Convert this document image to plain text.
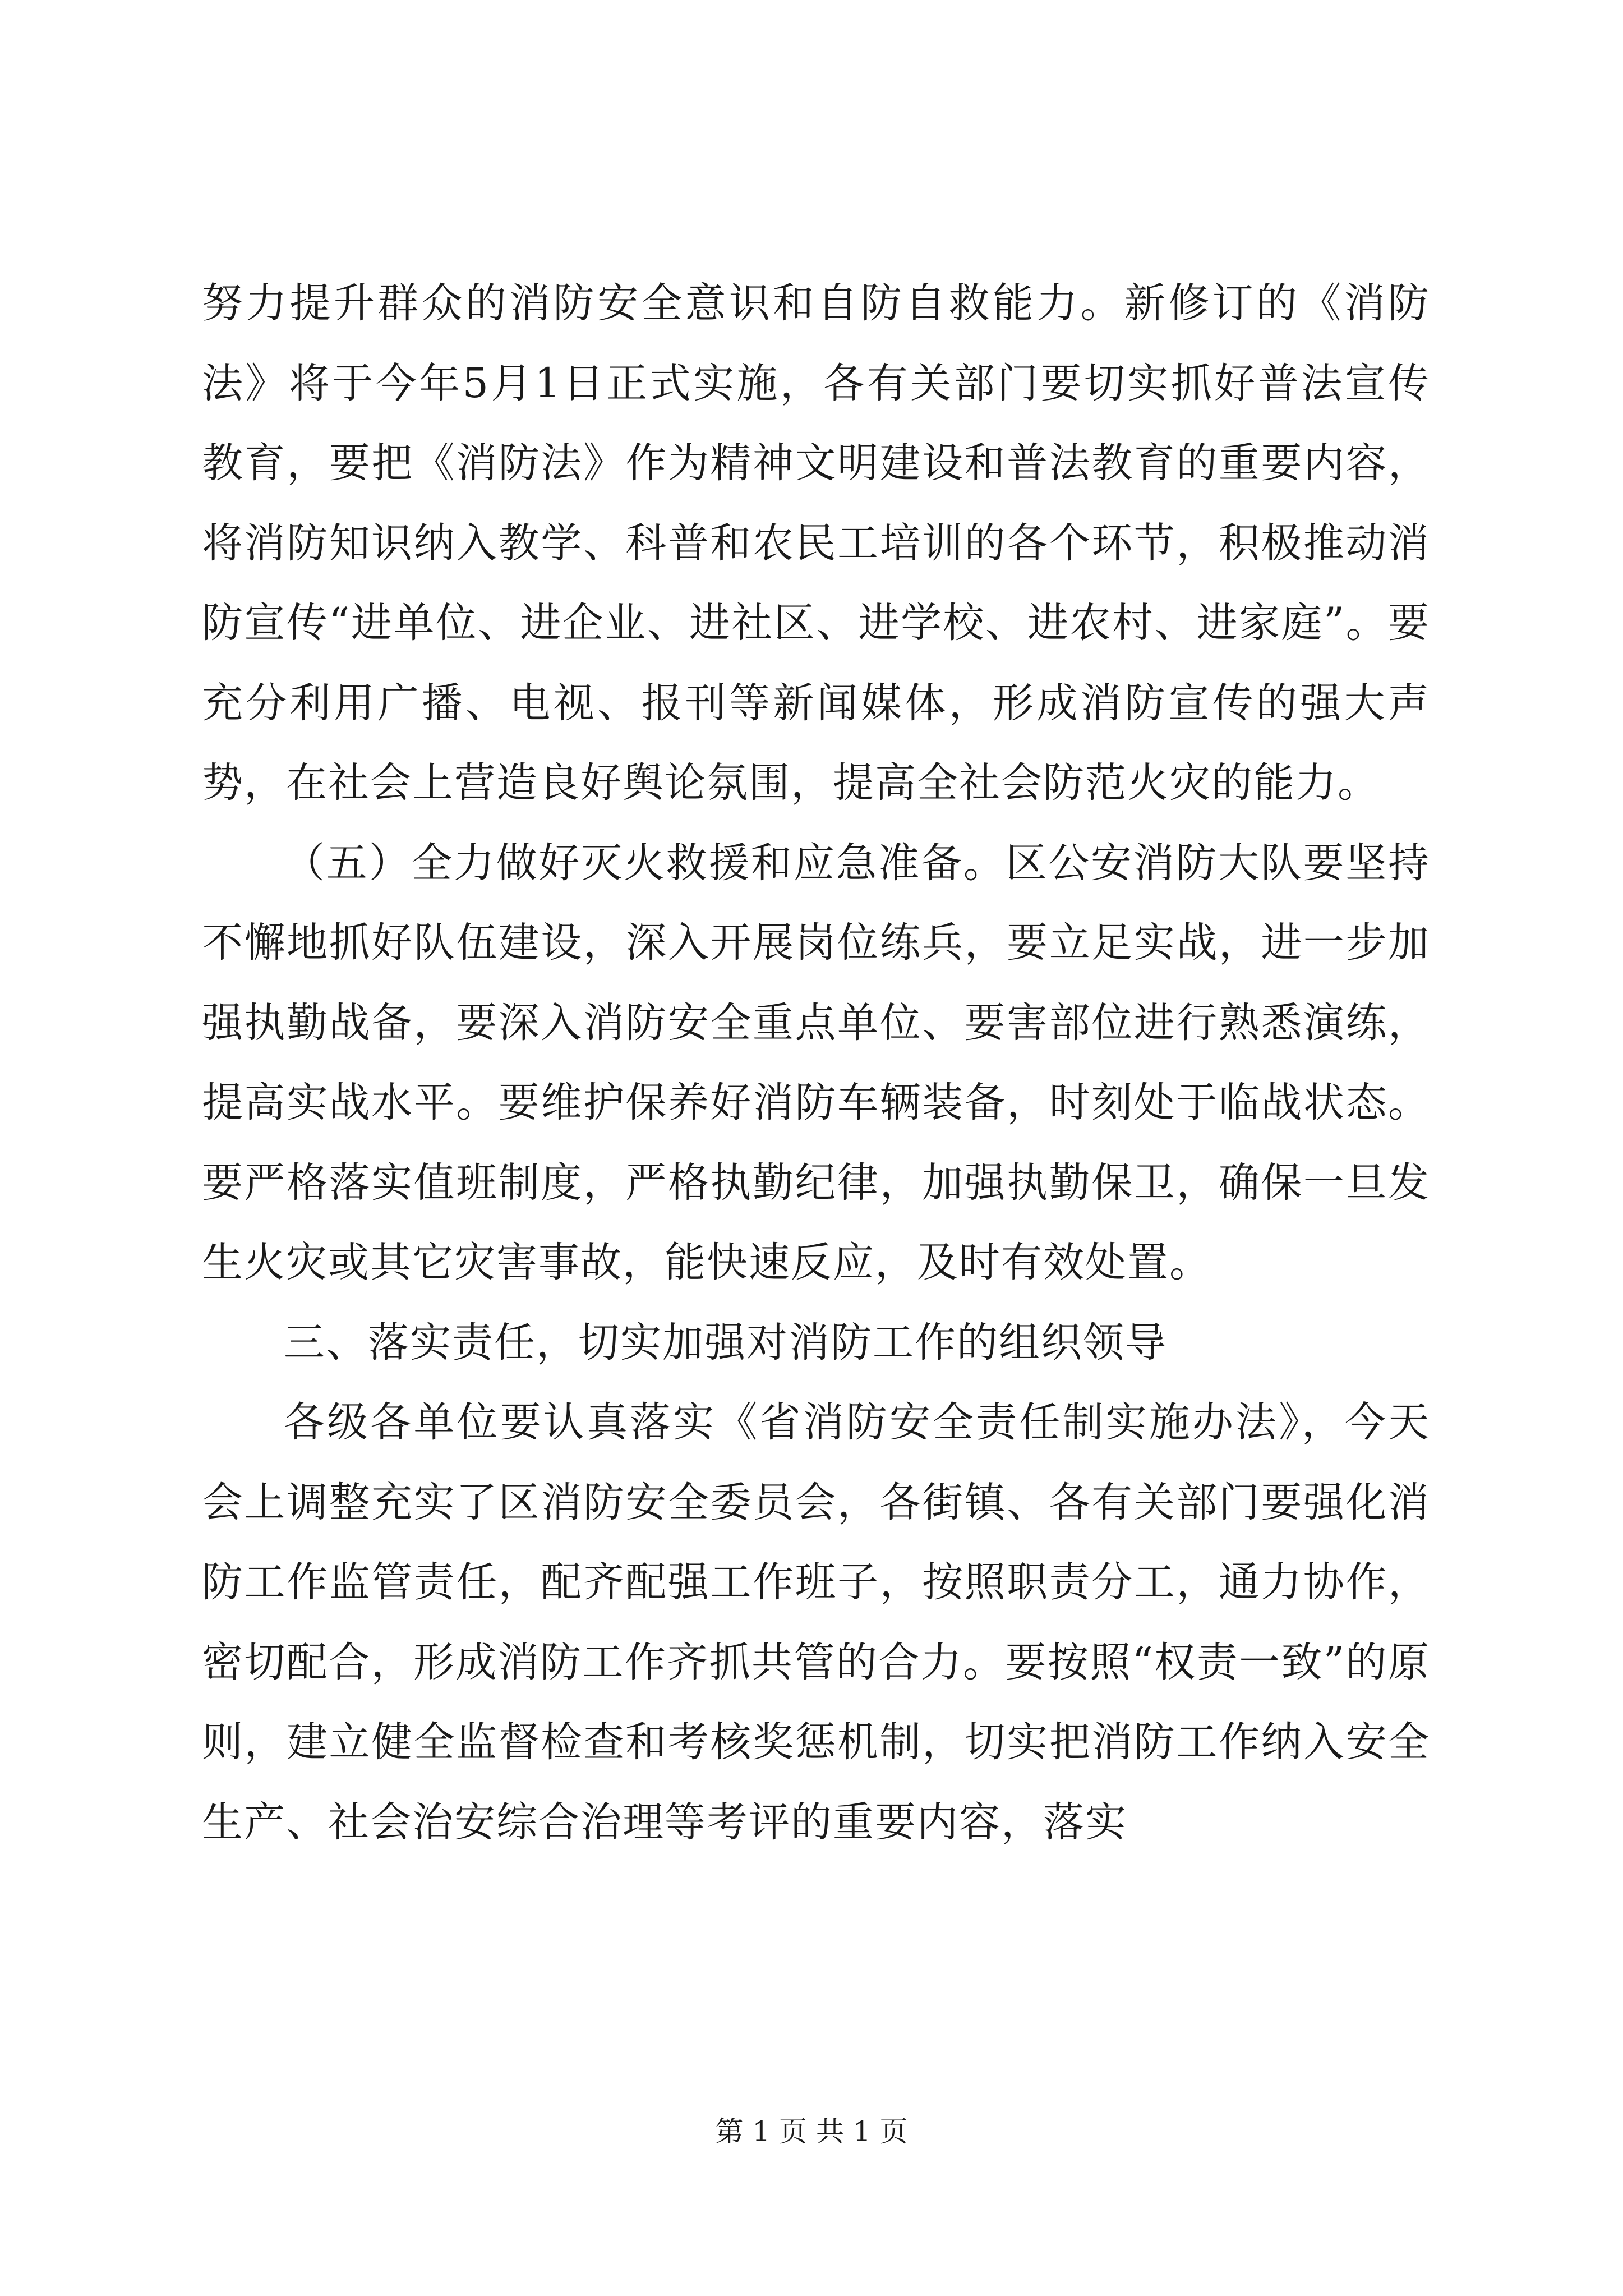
努力提升群众的消防安全意识和自防自救能力。新修订的《消防法》将于今年5月1日正式实施，各有关部门要切实抓好普法宣传教育，要把《消防法》作为精神文明建设和普法教育的重要内容，将消防知识纳入教学、科普和农民工培训的各个环节，积极推动消防宣传“进单位、进企业、进社区、进学校、进农村、进家庭”。要充分利用广播、电视、报刊等新闻媒体，形成消防宣传的强大声势，在社会上营造良好舆论氛围，提高全社会防范火灾的能力。

（五）全力做好灭火救援和应急准备。区公安消防大队要坚持不懈地抓好队伍建设，深入开展岗位练兵，要立足实战，进一步加强执勤战备，要深入消防安全重点单位、要害部位进行熟悉演练，提高实战水平。要维护保养好消防车辆装备，时刻处于临战状态。要严格落实值班制度，严格执勤纪律，加强执勤保卫，确保一旦发生火灾或其它灾害事故，能快速反应，及时有效处置。

三、落实责任，切实加强对消防工作的组织领导

各级各单位要认真落实《省消防安全责任制实施办法》，今天会上调整充实了区消防安全委员会，各街镇、各有关部门要强化消防工作监管责任，配齐配强工作班子，按照职责分工，通力协作，密切配合，形成消防工作齐抓共管的合力。要按照“权责一致”的原则，建立健全监督检查和考核奖惩机制，切实把消防工作纳入安全生产、社会治安综合治理等考评的重要内容，落实

第 1 页 共 1 页
